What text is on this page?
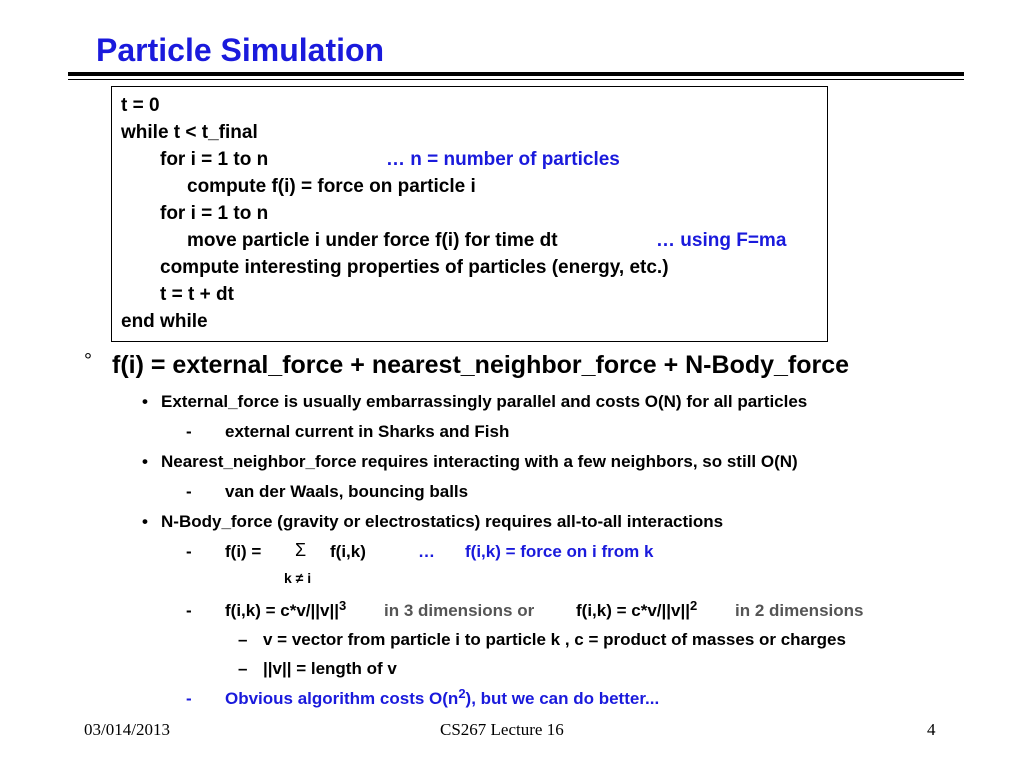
Particle Simulation
t = 0
while t < t_final
for i = 1 to n	… n = number of particles
compute f(i) = force on particle i
for i = 1 to n
move particle i under force f(i) for time dt	… using F=ma
compute interesting properties of particles (energy, etc.)
t = t + dt
end while
° f(i) = external_force + nearest_neighbor_force + N-Body_force
• External_force is usually embarrassingly parallel and costs O(N) for all particles
- external current in Sharks and Fish
• Nearest_neighbor_force requires interacting with a few neighbors, so still O(N)
- van der Waals, bouncing balls
• N-Body_force (gravity or electrostatics) requires all-to-all interactions
- f(i) = Σ f(i,k)	… f(i,k) = force on i from k
k ≠ i
- $f(i,k) = c*v/||v||^3$ in 3 dimensions or $f(i,k) = c*v/||v||^2$ in 2 dimensions
– v = vector from particle i to particle k , c = product of masses or charges
– ||v|| = length of v
- Obvious algorithm costs $O(n^2)$, but we can do better...
03/014/2013	CS267 Lecture 16	4
